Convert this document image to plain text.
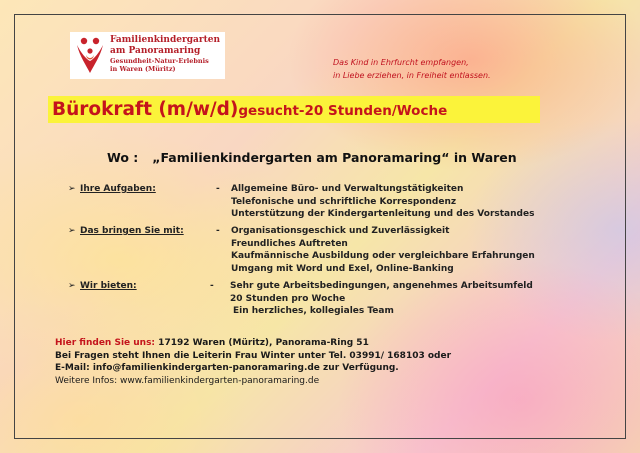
Familienkindergarten
am Panoramaring
Gesundheit-Natur-Erlebnis
in Waren (Müritz)
Das Kind in Ehrfurcht empfangen,
in Liebe erziehen, in Freiheit entlassen.
Bürokraft (m/w/d)gesucht-20 Stunden/Woche
Wo : „Familienkindergarten am Panoramaring“ in Waren
➢ Ihre Aufgaben:	- Allgemeine Büro- und Verwaltungstätigkeiten
Telefonische und schriftliche Korrespondenz
Unterstützung der Kindergartenleitung und des Vorstandes
➢ Das bringen Sie mit:	- Organisationsgeschick und Zuverlässigkeit
Freundliches Auftreten
Kaufmännische Ausbildung oder vergleichbare Erfahrungen
Umgang mit Word und Exel, Online-Banking
➢ Wir bieten:	- Sehr gute Arbeitsbedingungen, angenehmes Arbeitsumfeld
20 Stunden pro Woche
Ein herzliches, kollegiales Team
Hier finden Sie uns: 17192 Waren (Müritz), Panorama-Ring 51
Bei Fragen steht Ihnen die Leiterin Frau Winter unter Tel. 03991/ 168103 oder
E-Mail: info@familienkindergarten-panoramaring.de zur Verfügung.
Weitere Infos: www.familienkindergarten-panoramaring.de
